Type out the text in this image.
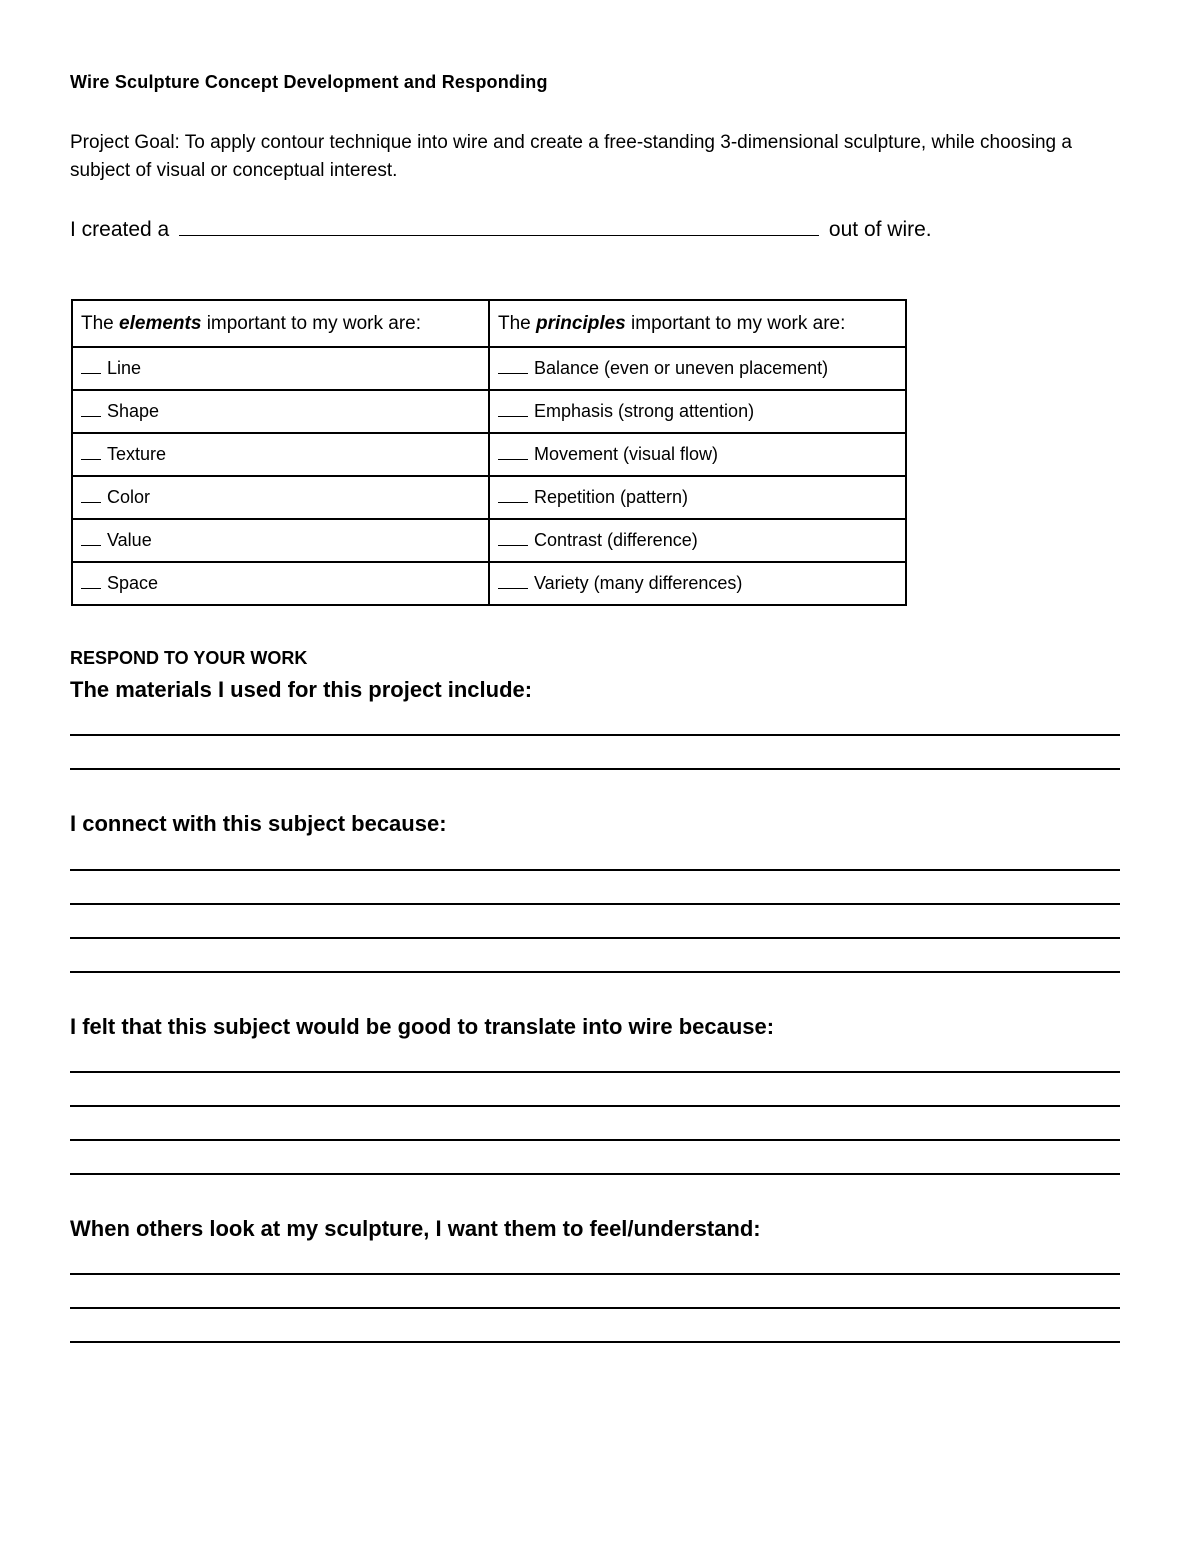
Wire Sculpture Concept Development and Responding
Project Goal: To apply contour technique into wire and create a free-standing 3-dimensional sculpture, while choosing a subject of visual or conceptual interest.
I created a	out of wire.
The elements important to my work are:	The principles important to my work are:
Line	Balance (even or uneven placement)
Shape	Emphasis (strong attention)
Texture	Movement (visual flow)
Color	Repetition (pattern)
Value	Contrast (difference)
Space	Variety (many differences)
RESPOND TO YOUR WORK
The materials I used for this project include:
I connect with this subject because:
I felt that this subject would be good to translate into wire because:
When others look at my sculpture, I want them to feel/understand:
